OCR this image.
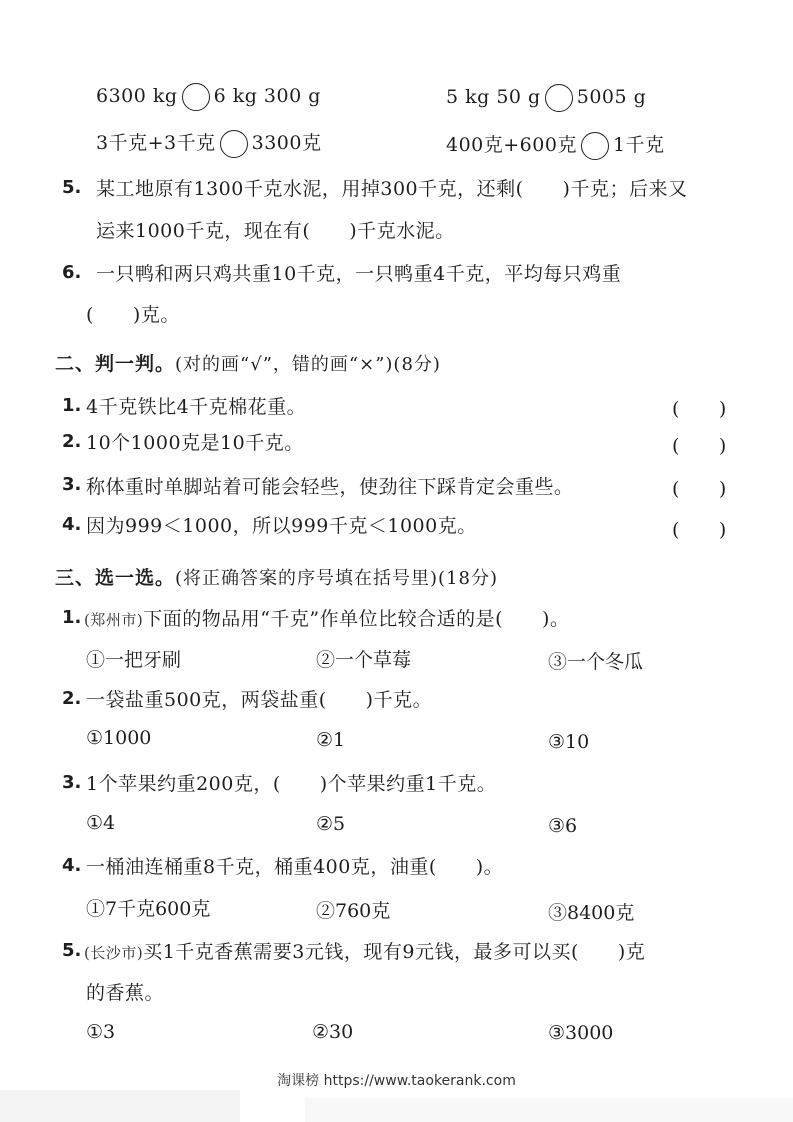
6300 kg 6 kg 300 g	5 kg 50 g 5005 g
3千克+3千克 3300克	400克+600克 1千克
5. 某工地原有1300千克水泥，用掉300千克，还剩(　　)千克；后来又
运来1000千克，现在有(　　)千克水泥。
6. 一只鸭和两只鸡共重10千克，一只鸭重4千克，平均每只鸡重
(　　)克。
二、判一判。(对的画“√”，错的画“×”)(8分)
1. 4千克铁比4千克棉花重。	(　　)
2. 10个1000克是10千克。	(　　)
3. 称体重时单脚站着可能会轻些，使劲往下踩肯定会重些。	(　　)
4. 因为999＜1000，所以999千克＜1000克。	(　　)
三、选一选。(将正确答案的序号填在括号里)(18分)
1. (郑州市)下面的物品用“千克”作单位比较合适的是(　　)。
①一把牙刷	②一个草莓	③一个冬瓜
2. 一袋盐重500克，两袋盐重(　　)千克。
①1000	②1	③10
3. 1个苹果约重200克，(　　)个苹果约重1千克。
①4	②5	③6
4. 一桶油连桶重8千克，桶重400克，油重(　　)。
①7千克600克	②760克	③8400克
5. (长沙市)买1千克香蕉需要3元钱，现有9元钱，最多可以买(　　)克
的香蕉。
①3	②30	③3000
淘课榜 https://www.taokerank.com
